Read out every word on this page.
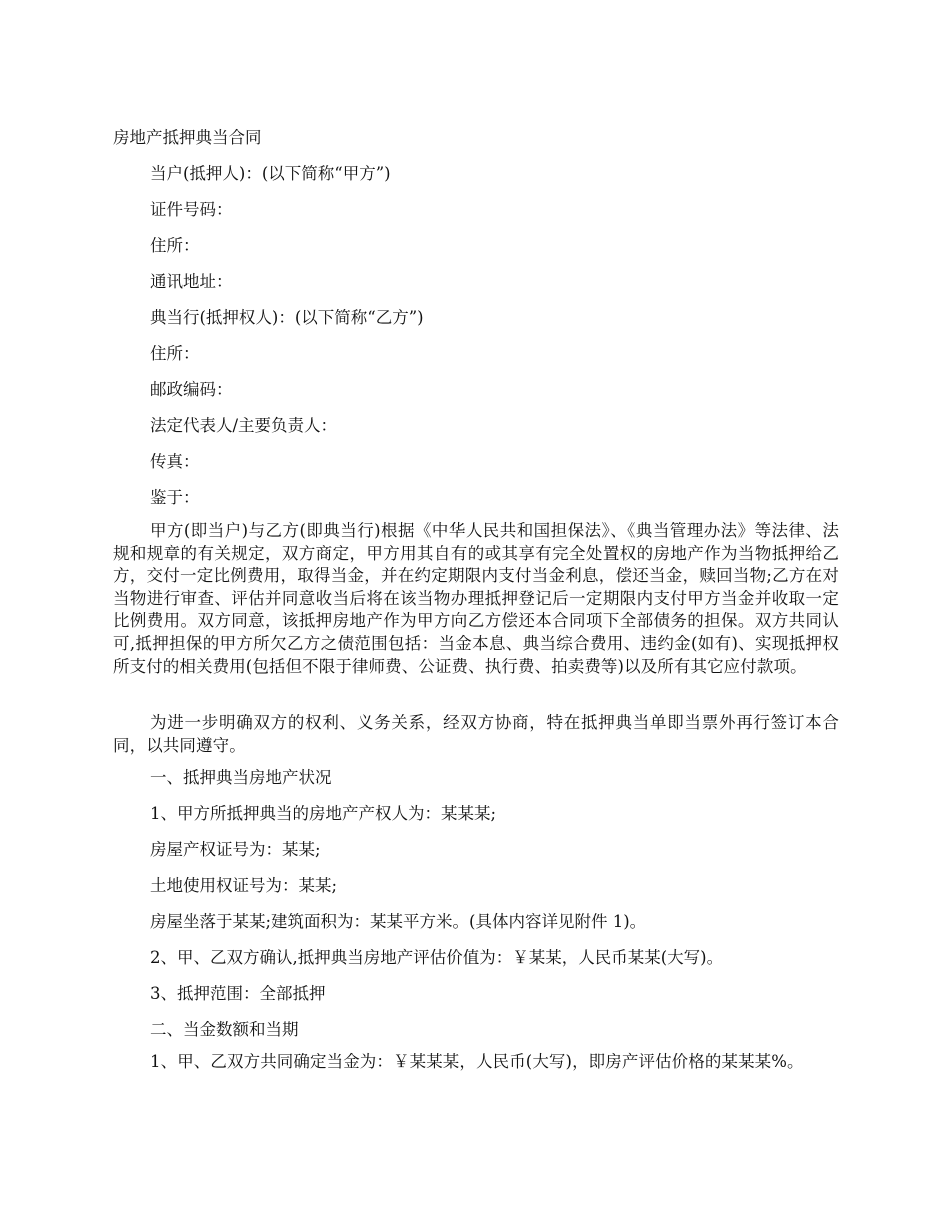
房地产抵押典当合同
当户(抵押人)：(以下简称“甲方”)
证件号码：
住所：
通讯地址：
典当行(抵押权人)：(以下简称“乙方”)
住所：
邮政编码：
法定代表人/主要负责人：
传真：
鉴于：
甲方(即当户)与乙方(即典当行)根据《中华人民共和国担保法》、《典当管理办法》等法律、法规和规章的有关规定，双方商定，甲方用其自有的或其享有完全处置权的房地产作为当物抵押给乙方，交付一定比例费用，取得当金，并在约定期限内支付当金利息，偿还当金，赎回当物;乙方在对当物进行审查、评估并同意收当后将在该当物办理抵押登记后一定期限内支付甲方当金并收取一定比例费用。双方同意，该抵押房地产作为甲方向乙方偿还本合同项下全部债务的担保。双方共同认可,抵押担保的甲方所欠乙方之债范围包括：当金本息、典当综合费用、违约金(如有)、实现抵押权所支付的相关费用(包括但不限于律师费、公证费、执行费、拍卖费等)以及所有其它应付款项。
为进一步明确双方的权利、义务关系，经双方协商，特在抵押典当单即当票外再行签订本合同，以共同遵守。
一、抵押典当房地产状况
1、甲方所抵押典当的房地产产权人为：某某某;
房屋产权证号为：某某;
土地使用权证号为：某某;
房屋坐落于某某;建筑面积为：某某平方米。(具体内容详见附件 1)。
2、甲、乙双方确认,抵押典当房地产评估价值为：￥某某，人民币某某(大写)。
3、抵押范围：全部抵押
二、当金数额和当期
1、甲、乙双方共同确定当金为：￥某某某，人民币(大写)，即房产评估价格的某某某%。
